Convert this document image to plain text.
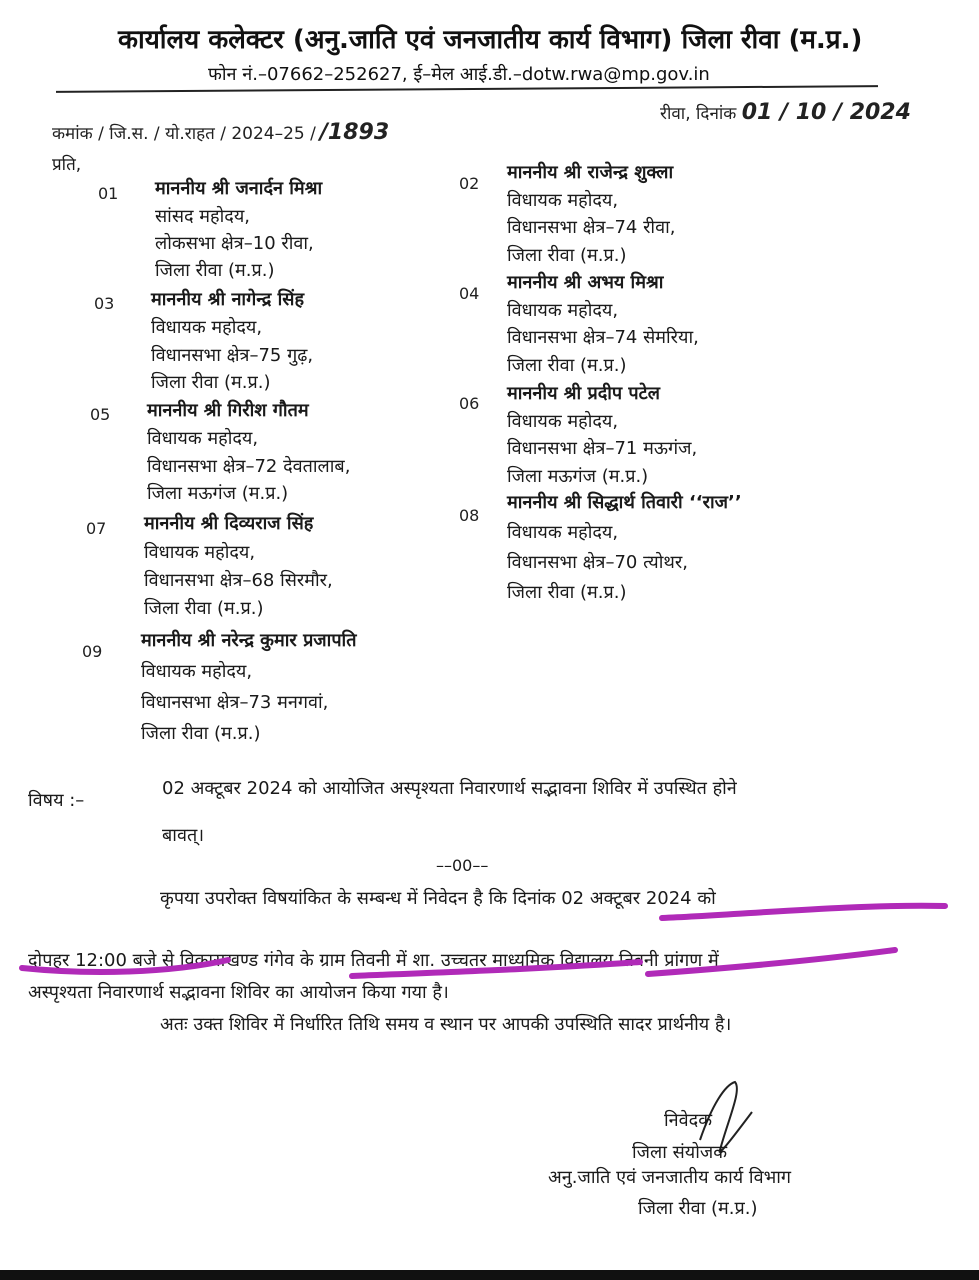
कार्यालय कलेक्टर (अनु.जाति एवं जनजातीय कार्य विभाग) जिला रीवा (म.प्र.)
फोन नं.–07662–252627, ई–मेल आई.डी.–dotw.rwa@mp.gov.in
कमांक / जि.स. / यो.राहत / 2024–25 / /1893
रीवा, दिनांक 01 / 10 / 2024
प्रति,
01 माननीय श्री जनार्दन मिश्रा
सांसद महोदय,
लोकसभा क्षेत्र–10 रीवा,
जिला रीवा (म.प्र.)
02
माननीय श्री राजेन्द्र शुक्ला
विधायक महोदय,
विधानसभा क्षेत्र–74 रीवा,
जिला रीवा (म.प्र.)
03 माननीय श्री नागेन्द्र सिंह
विधायक महोदय,
विधानसभा क्षेत्र–75 गुढ़,
जिला रीवा (म.प्र.)
04
माननीय श्री अभय मिश्रा
विधायक महोदय,
विधानसभा क्षेत्र–74 सेमरिया,
जिला रीवा (म.प्र.)
05 माननीय श्री गिरीश गौतम
विधायक महोदय,
विधानसभा क्षेत्र–72 देवतालाब,
जिला मऊगंज (म.प्र.)
06 माननीय श्री प्रदीप पटेल
विधायक महोदय,
विधानसभा क्षेत्र–71 मऊगंज,
जिला मऊगंज (म.प्र.)
07 माननीय श्री दिव्यराज सिंह
विधायक महोदय,
विधानसभा क्षेत्र–68 सिरमौर,
जिला रीवा (म.प्र.)
08
माननीय श्री सिद्धार्थ तिवारी ‘‘राज’’
विधायक महोदय,
विधानसभा क्षेत्र–70 त्योथर,
जिला रीवा (म.प्र.)
09
माननीय श्री नरेन्द्र कुमार प्रजापति
विधायक महोदय,
विधानसभा क्षेत्र–73 मनगवां,
जिला रीवा (म.प्र.)
विषय :–
02 अक्टूबर 2024 को आयोजित अस्पृश्यता निवारणार्थ सद्भावना शिविर में उपस्थित होने
बावत्।
––00––
कृपया उपरोक्त विषयांकित के सम्बन्ध में निवेदन है कि दिनांक 02 अक्टूबर 2024 को
दोपहर 12:00 बजे से विकासखण्ड गंगेव के ग्राम तिवनी में शा. उच्चतर माध्यमिक विद्यालय तिवनी प्रांगण में
अस्पृश्यता निवारणार्थ सद्भावना शिविर का आयोजन किया गया है।
अतः उक्त शिविर में निर्धारित तिथि समय व स्थान पर आपकी उपस्थिति सादर प्रार्थनीय है।
निवेदक
जिला संयोजक
अनु.जाति एवं जनजातीय कार्य विभाग
जिला रीवा (म.प्र.)
